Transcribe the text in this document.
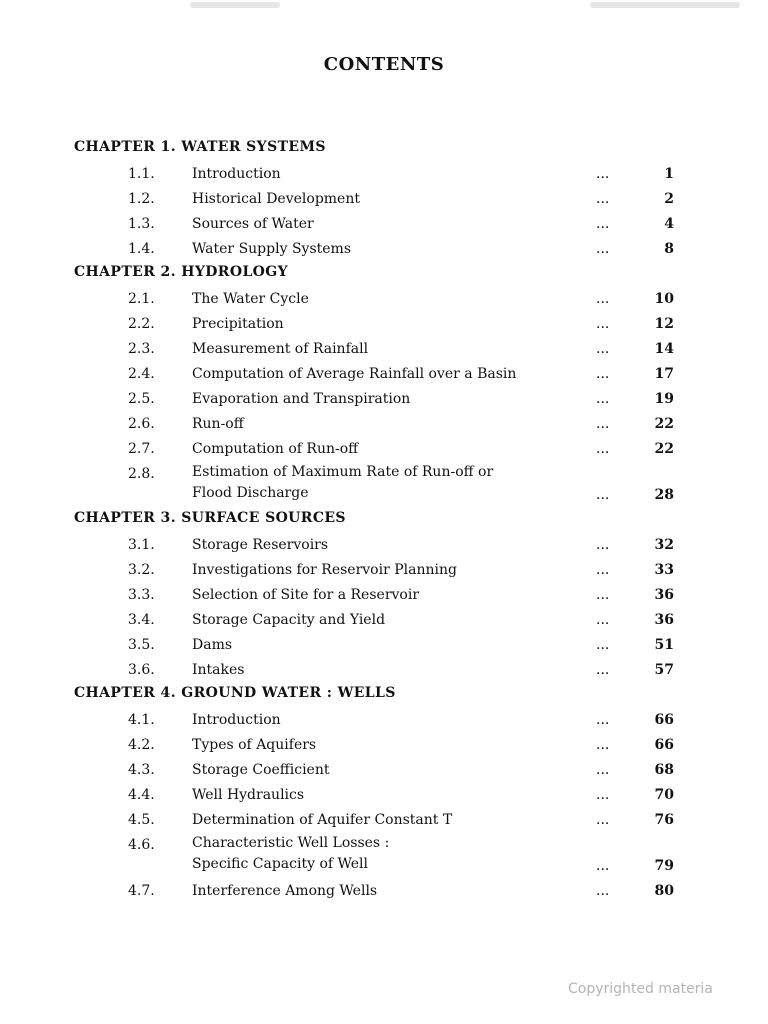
CONTENTS
CHAPTER 1. WATER SYSTEMS
1.1.	Introduction	...	1
1.2.	Historical Development	...	2
1.3.	Sources of Water	...	4
1.4.	Water Supply Systems	...	8
CHAPTER 2. HYDROLOGY
2.1.	The Water Cycle	...	10
2.2.	Precipitation	...	12
2.3.	Measurement of Rainfall	...	14
2.4.	Computation of Average Rainfall over a Basin	...	17
2.5.	Evaporation and Transpiration	...	19
2.6.	Run-off	...	22
2.7.	Computation of Run-off	...	22
2.8.	Estimation of Maximum Rate of Run-off or
Flood Discharge	...	28
CHAPTER 3. SURFACE SOURCES
3.1.	Storage Reservoirs	...	32
3.2.	Investigations for Reservoir Planning	...	33
3.3.	Selection of Site for a Reservoir	...	36
3.4.	Storage Capacity and Yield	...	36
3.5.	Dams	...	51
3.6.	Intakes	...	57
CHAPTER 4. GROUND WATER : WELLS
4.1.	Introduction	...	66
4.2.	Types of Aquifers	...	66
4.3.	Storage Coefficient	...	68
4.4.	Well Hydraulics	...	70
4.5.	Determination of Aquifer Constant T	...	76
4.6.	Characteristic Well Losses :
Specific Capacity of Well	...	79
4.7.	Interference Among Wells	...	80
Copyrighted materia
